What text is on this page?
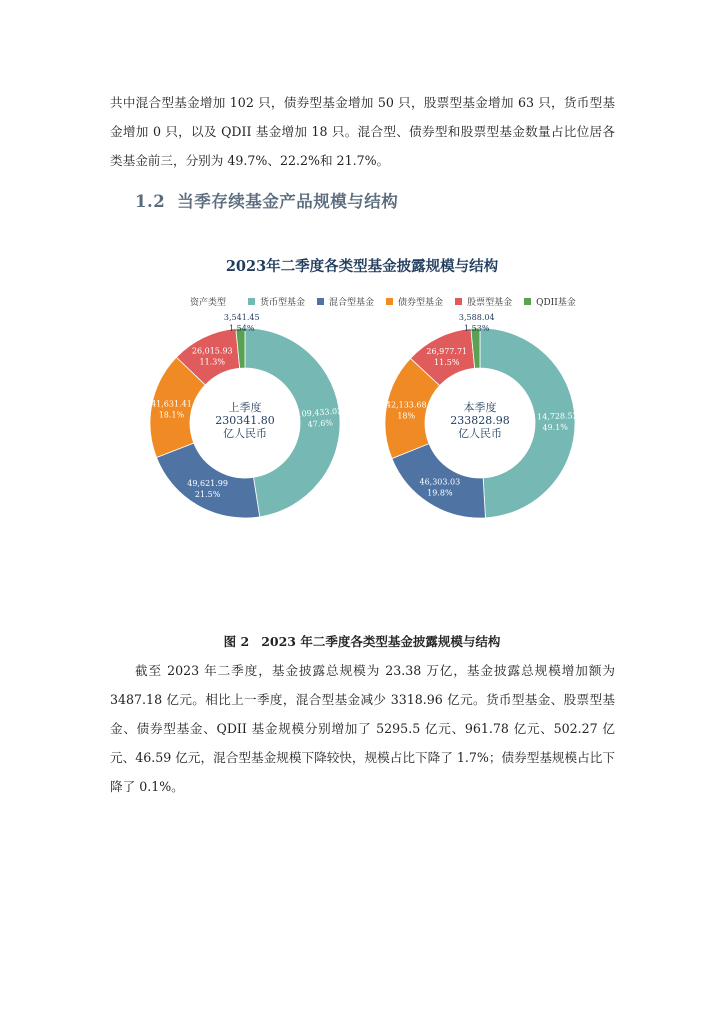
共中混合型基金增加 102 只，债券型基金增加 50 只，股票型基金增加 63 只，货币型基金增加 0 只，以及 QDII 基金增加 18 只。混合型、债券型和股票型基金数量占比位居各类基金前三，分别为 49.7%、22.2%和 21.7%。

1.2 当季存续基金产品规模与结构
2023年二季度各类型基金披露规模与结构
资产类型	货币型基金	混合型基金	债券型基金	股票型基金	QDII基金
109,433.02
47.6%
49,621.99
21.5%
41,631.41
18.1%
26,015.93
11.3%
3,541.45
1.54%
上季度
230341.80
亿人民币
114,728.52
49.1%
46,303.03
19.8%
42,133.68
18%
26,977.71
11.5%
3,588.04
1.53%
本季度
233828.98
亿人民币
图 2 2023 年二季度各类型基金披露规模与结构

截至 2023 年二季度，基金披露总规模为 23.38 万亿，基金披露总规模增加额为 3487.18 亿元。相比上一季度，混合型基金减少 3318.96 亿元。货币型基金、股票型基金、债券型基金、QDII 基金规模分别增加了 5295.5 亿元、961.78 亿元、502.27 亿元、46.59 亿元，混合型基金规模下降较快，规模占比下降了 1.7%；债券型基规模占比下降了 0.1%。
